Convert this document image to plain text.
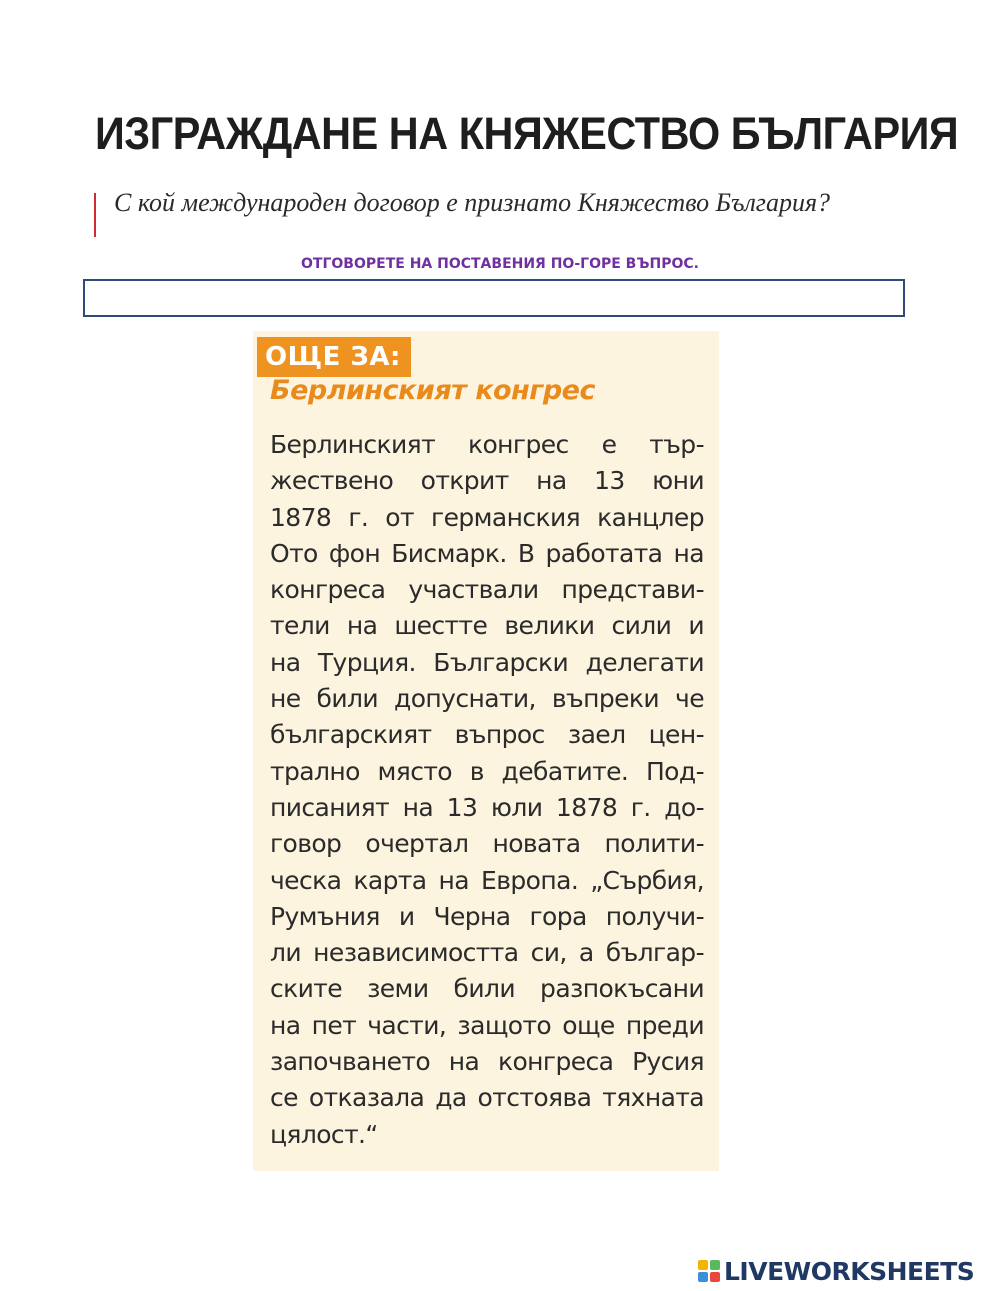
ИЗГРАЖДАНЕ НА КНЯЖЕСТВО БЪЛГАРИЯ

С кой международен договор е признато Княжество България?

ОТГОВОРЕТЕ НА ПОСТАВЕНИЯ ПО-ГОРЕ ВЪПРОС.

ОЩЕ ЗА:

Берлинският конгрес

Берлинският конгрес е тър-
жествено открит на 13 юни
1878 г. от германския канцлер
Ото фон Бисмарк. В работата на
конгреса участвали представи-
тели на шестте велики сили и
на Турция. Български делегати
не били допуснати, въпреки че
българският въпрос заел цен-
трално място в дебатите. Под-
писаният на 13 юли 1878 г. до-
говор очертал новата полити-
ческа карта на Европа. „Сърбия,
Румъния и Черна гора получи-
ли независимостта си, а българ-
ските земи били разпокъсани
на пет части, защото още преди
започването на конгреса Русия
се отказала да отстоява тяхната
цялост.“
LIVEWORKSHEETS
